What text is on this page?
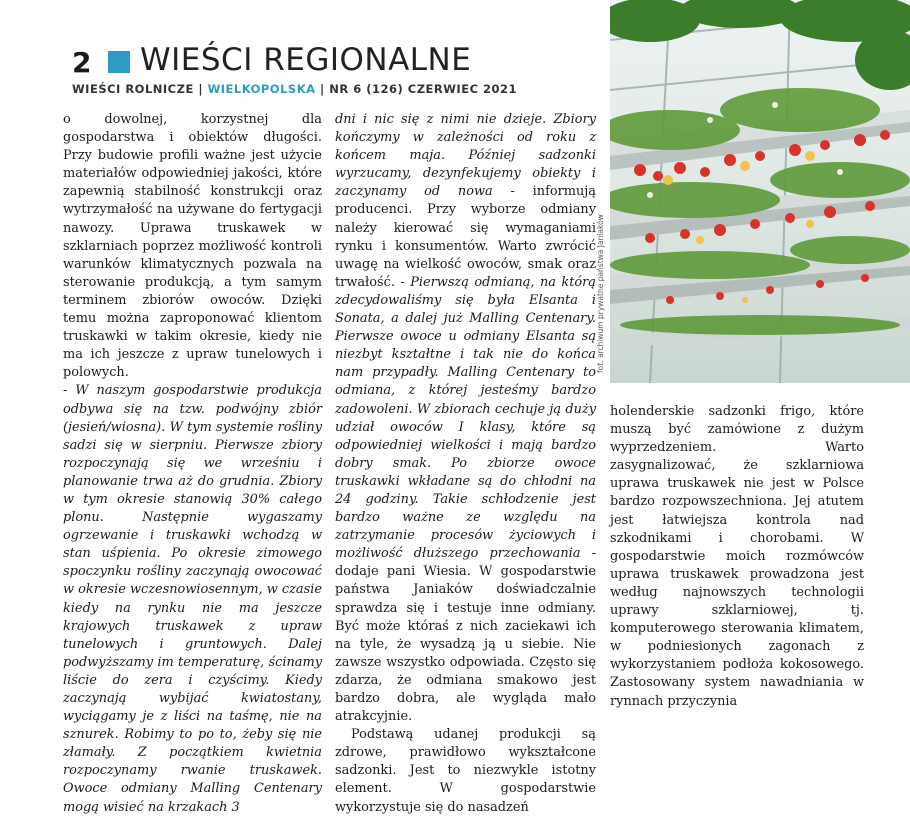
2 WIEŚCI REGIONALNE
WIEŚCI ROLNICZE | WIELKOPOLSKA | NR 6 (126) CZERWIEC 2021

o dowolnej, korzystnej dla gospodarstwa i obiektów długości. Przy budowie profili ważne jest użycie materiałów odpowiedniej jakości, które zapewnią stabilność konstrukcji oraz wytrzymałość na używane do fertygacji nawozy. Uprawa truskawek w szklarniach poprzez możliwość kontroli warunków klimatycznych pozwala na sterowanie produkcją, a tym samym terminem zbiorów owoców. Dzięki temu można zaproponować klientom truskawki w takim okresie, kiedy nie ma ich jeszcze z upraw tunelowych i polowych.

- W naszym gospodarstwie produkcja odbywa się na tzw. podwójny zbiór (jesień/wiosna). W tym systemie rośliny sadzi się w sierpniu. Pierwsze zbiory rozpoczynają się we wrześniu i planowanie trwa aż do grudnia. Zbiory w tym okresie stanowią 30% całego plonu. Następnie wygaszamy ogrzewanie i truskawki wchodzą w stan uśpienia. Po okresie zimowego spoczynku rośliny zaczynają owocować w okresie wczesnowiosennym, w czasie kiedy na rynku nie ma jeszcze krajowych truskawek z upraw tunelowych i gruntowych. Dalej podwyższamy im temperaturę, ścinamy liście do zera i czyścimy. Kiedy zaczynają wybijać kwiatostany, wyciągamy je z liści na taśmę, nie na sznurek. Robimy to po to, żeby się nie złamały. Z początkiem kwietnia rozpoczynamy rwanie truskawek. Owoce odmiany Malling Centenary mogą wisieć na krzakach 3

dni i nic się z nimi nie dzieje. Zbiory kończymy w zależności od roku z końcem maja. Później sadzonki wyrzucamy, dezynfekujemy obiekty i zaczynamy od nowa - informują producenci. Przy wyborze odmiany należy kierować się wymaganiami rynku i konsumentów. Warto zwrócić uwagę na wielkość owoców, smak oraz trwałość. - Pierwszą odmianą, na którą zdecydowaliśmy się była Elsanta i Sonata, a dalej już Malling Centenary. Pierwsze owoce u odmiany Elsanta są niezbyt kształtne i tak nie do końca nam przypadły. Malling Centenary to odmiana, z której jesteśmy bardzo zadowoleni. W zbiorach cechuje ją duży udział owoców I klasy, które są odpowiedniej wielkości i mają bardzo dobry smak. Po zbiorze owoce truskawki wkładane są do chłodni na 24 godziny. Takie schłodzenie jest bardzo ważne ze względu na zatrzymanie procesów życiowych i możliwość dłuższego przechowania - dodaje pani Wiesia. W gospodarstwie państwa Janiaków doświadczalnie sprawdza się i testuje inne odmiany. Być może któraś z nich zaciekawi ich na tyle, że wysadzą ją u siebie. Nie zawsze wszystko odpowiada. Często się zdarza, że odmiana smakowo jest bardzo dobra, ale wygląda mało atrakcyjnie.

Podstawą udanej produkcji są zdrowe, prawidłowo wykształcone sadzonki. Jest to niezwykle istotny element. W gospodarstwie wykorzystuje się do nasadzeń

fot. archiwum prywatne państwa Janiaków

holenderskie sadzonki frigo, które muszą być zamówione z dużym wyprzedzeniem. Warto zasygnalizować, że szklarniowa uprawa truskawek nie jest w Polsce bardzo rozpowszechniona. Jej atutem jest łatwiejsza kontrola nad szkodnikami i chorobami. W gospodarstwie moich rozmówców uprawa truskawek prowadzona jest według najnowszych technologii uprawy szklarniowej, tj. komputerowego sterowania klimatem, w podniesionych zagonach z wykorzystaniem podłoża kokosowego. Zastosowany system nawadniania w rynnach przyczynia
